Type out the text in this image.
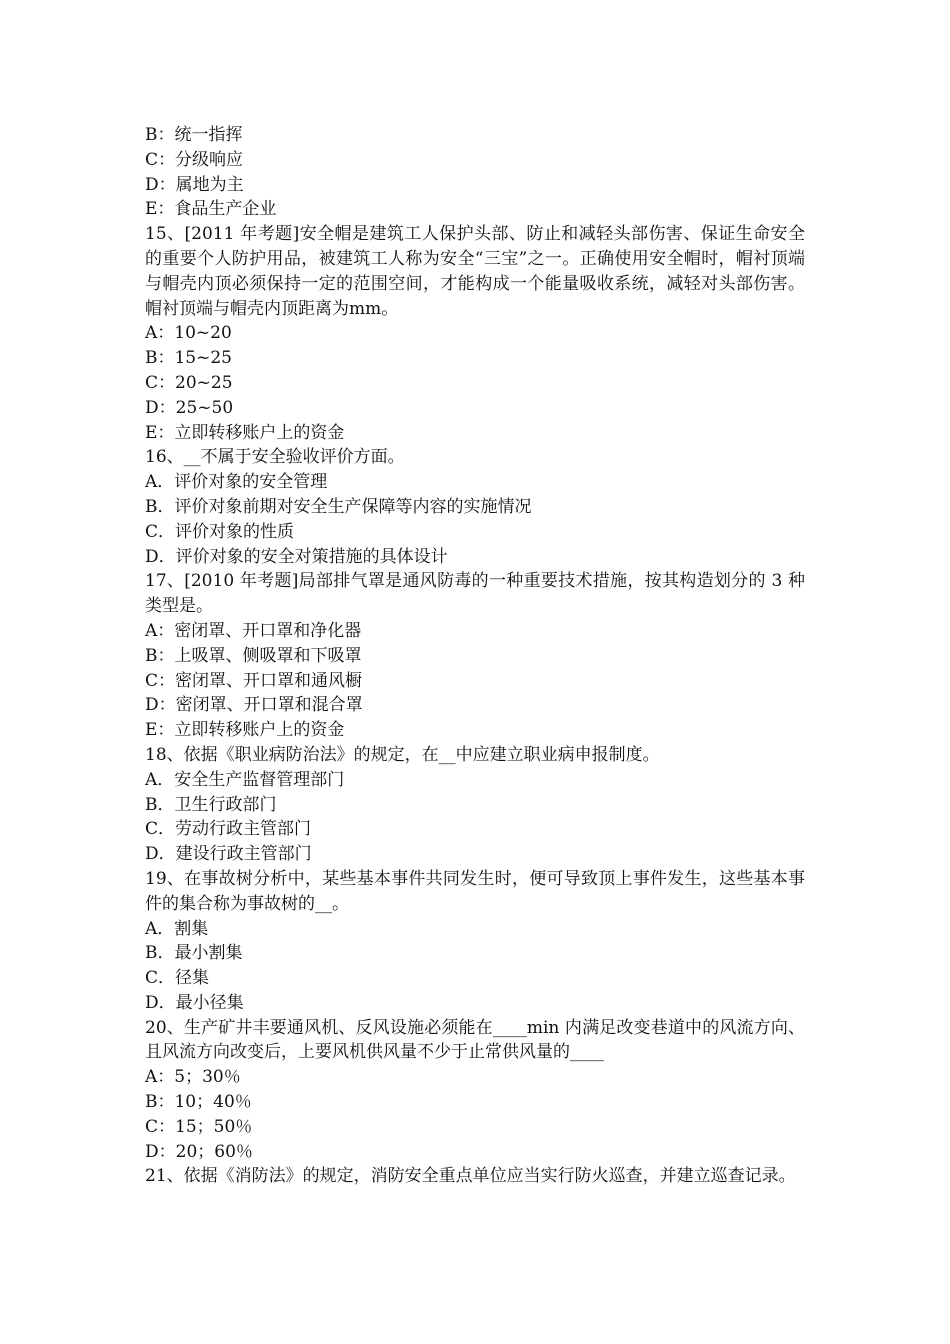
B：统一指挥
C：分级响应
D：属地为主
E：食品生产企业
15、[2011 年考题]安全帽是建筑工人保护头部、防止和减轻头部伤害、保证生命安全的重要个人防护用品，被建筑工人称为安全“三宝”之一。正确使用安全帽时，帽衬顶端与帽壳内顶必须保持一定的范围空间，才能构成一个能量吸收系统，减轻对头部伤害。帽衬顶端与帽壳内顶距离为mm。
A：10~20
B：15~25
C：20~25
D：25~50
E：立即转移账户上的资金
16、__不属于安全验收评价方面。
A．评价对象的安全管理
B．评价对象前期对安全生产保障等内容的实施情况
C．评价对象的性质
D．评价对象的安全对策措施的具体设计
17、[2010 年考题]局部排气罩是通风防毒的一种重要技术措施，按其构造划分的 3 种类型是。
A：密闭罩、开口罩和净化器
B：上吸罩、侧吸罩和下吸罩
C：密闭罩、开口罩和通风橱
D：密闭罩、开口罩和混合罩
E：立即转移账户上的资金
18、依据《职业病防治法》的规定，在__中应建立职业病申报制度。
A．安全生产监督管理部门
B．卫生行政部门
C．劳动行政主管部门
D．建设行政主管部门
19、在事故树分析中，某些基本事件共同发生时，便可导致顶上事件发生，这些基本事件的集合称为事故树的__。
A．割集
B．最小割集
C．径集
D．最小径集
20、生产矿井丰要通风机、反风设施必须能在____min 内满足改变巷道中的风流方向、且风流方向改变后，上要风机供风量不少于止常供风量的____
A：5；30％
B：10；40％
C：15；50％
D：20；60％
21、依据《消防法》的规定，消防安全重点单位应当实行防火巡查，并建立巡查记录。
